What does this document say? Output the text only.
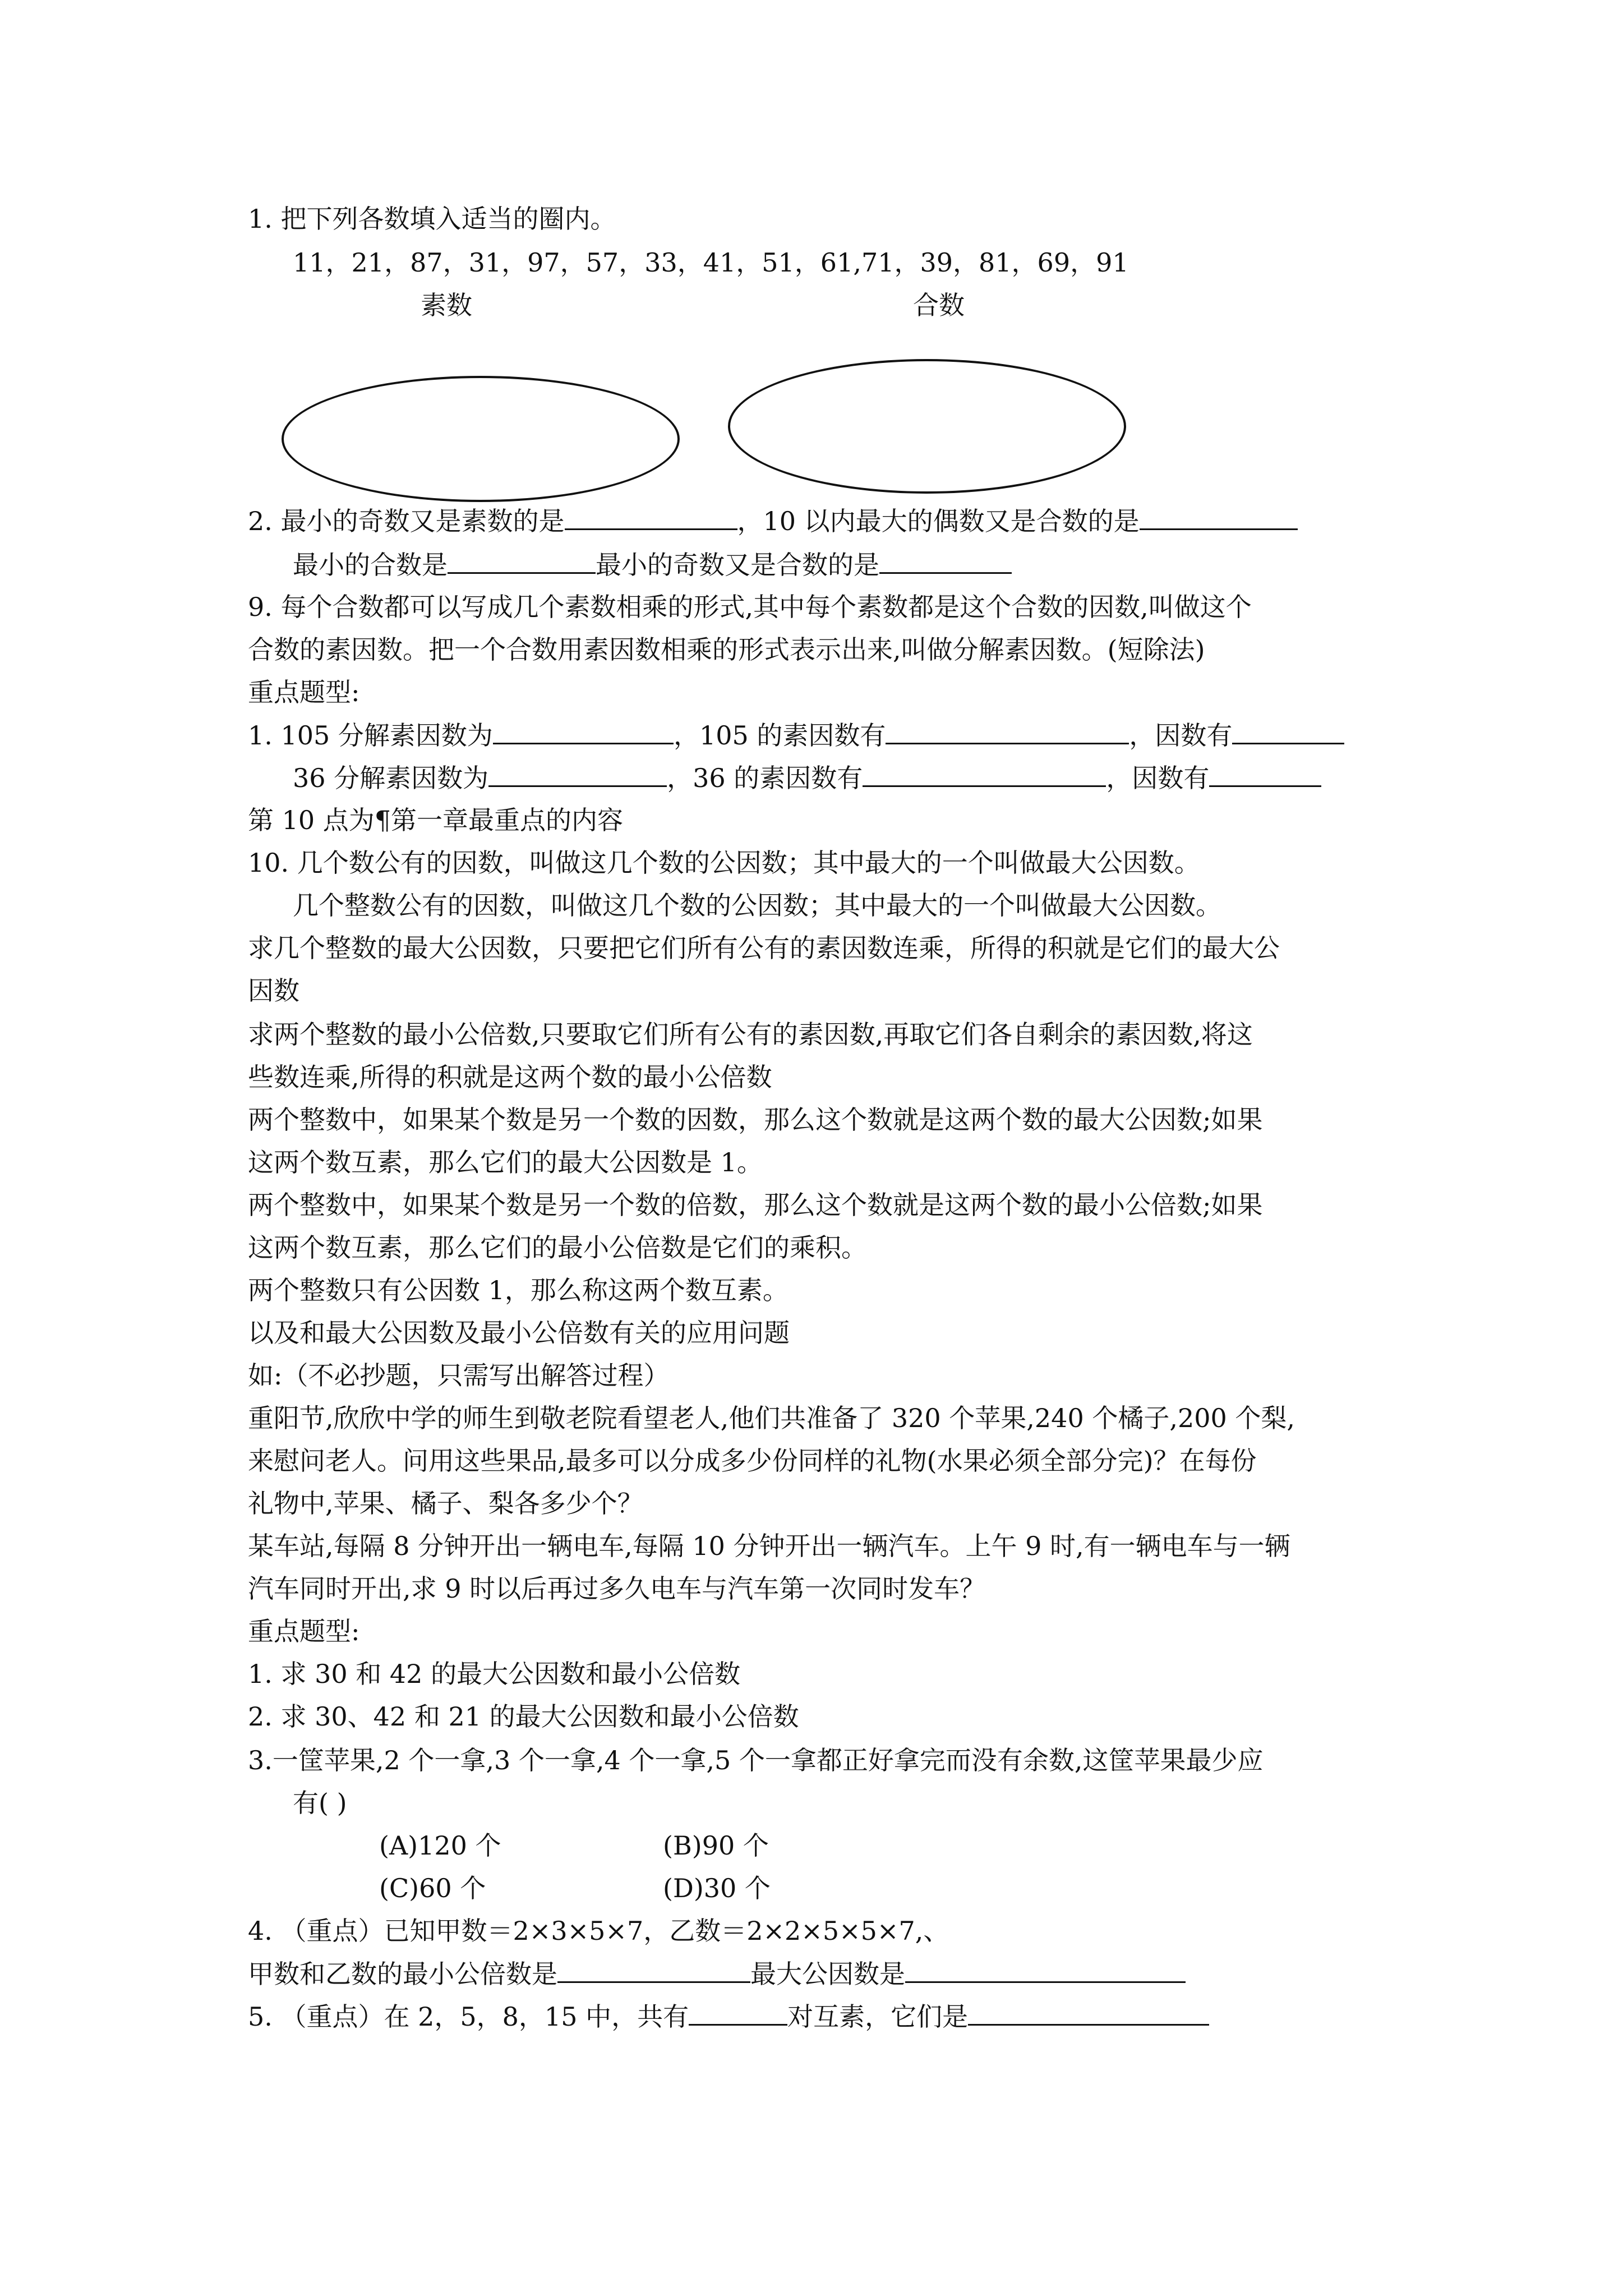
1. 把下列各数填入适当的圈内。
11，21，87，31，97，57，33，41，51，61,71，39，81，69，91
素数	合数
2. 最小的奇数又是素数的是	，10 以内最大的偶数又是合数的是
最小的合数是	最小的奇数又是合数的是
9. 每个合数都可以写成几个素数相乘的形式,其中每个素数都是这个合数的因数,叫做这个
合数的素因数。把一个合数用素因数相乘的形式表示出来,叫做分解素因数。(短除法)
重点题型:
1. 105 分解素因数为	，105 的素因数有	，因数有
36 分解素因数为	，36 的素因数有	，因数有
第 10 点为¶第一章最重点的内容
10. 几个数公有的因数，叫做这几个数的公因数；其中最大的一个叫做最大公因数。
几个整数公有的因数，叫做这几个数的公因数；其中最大的一个叫做最大公因数。
求几个整数的最大公因数，只要把它们所有公有的素因数连乘，所得的积就是它们的最大公
因数
求两个整数的最小公倍数,只要取它们所有公有的素因数,再取它们各自剩余的素因数,将这
些数连乘,所得的积就是这两个数的最小公倍数
两个整数中，如果某个数是另一个数的因数，那么这个数就是这两个数的最大公因数;如果
这两个数互素，那么它们的最大公因数是 1。
两个整数中，如果某个数是另一个数的倍数，那么这个数就是这两个数的最小公倍数;如果
这两个数互素，那么它们的最小公倍数是它们的乘积。
两个整数只有公因数 1，那么称这两个数互素。
以及和最大公因数及最小公倍数有关的应用问题
如:（不必抄题，只需写出解答过程）
重阳节,欣欣中学的师生到敬老院看望老人,他们共准备了 320 个苹果,240 个橘子,200 个梨,
来慰问老人。问用这些果品,最多可以分成多少份同样的礼物(水果必须全部分完)？在每份
礼物中,苹果、橘子、梨各多少个？
某车站,每隔 8 分钟开出一辆电车,每隔 10 分钟开出一辆汽车。上午 9 时,有一辆电车与一辆
汽车同时开出,求 9 时以后再过多久电车与汽车第一次同时发车？
重点题型:
1. 求 30 和 42 的最大公因数和最小公倍数
2. 求 30、42 和 21 的最大公因数和最小公倍数
3.一筐苹果,2 个一拿,3 个一拿,4 个一拿,5 个一拿都正好拿完而没有余数,这筐苹果最少应
有( )
(A)120 个	(B)90 个
(C)60 个	(D)30 个
4. （重点）已知甲数＝2×3×5×7，乙数＝2×2×5×5×7,、
甲数和乙数的最小公倍数是	最大公因数是
5. （重点）在 2，5，8，15 中，共有	对互素，它们是
